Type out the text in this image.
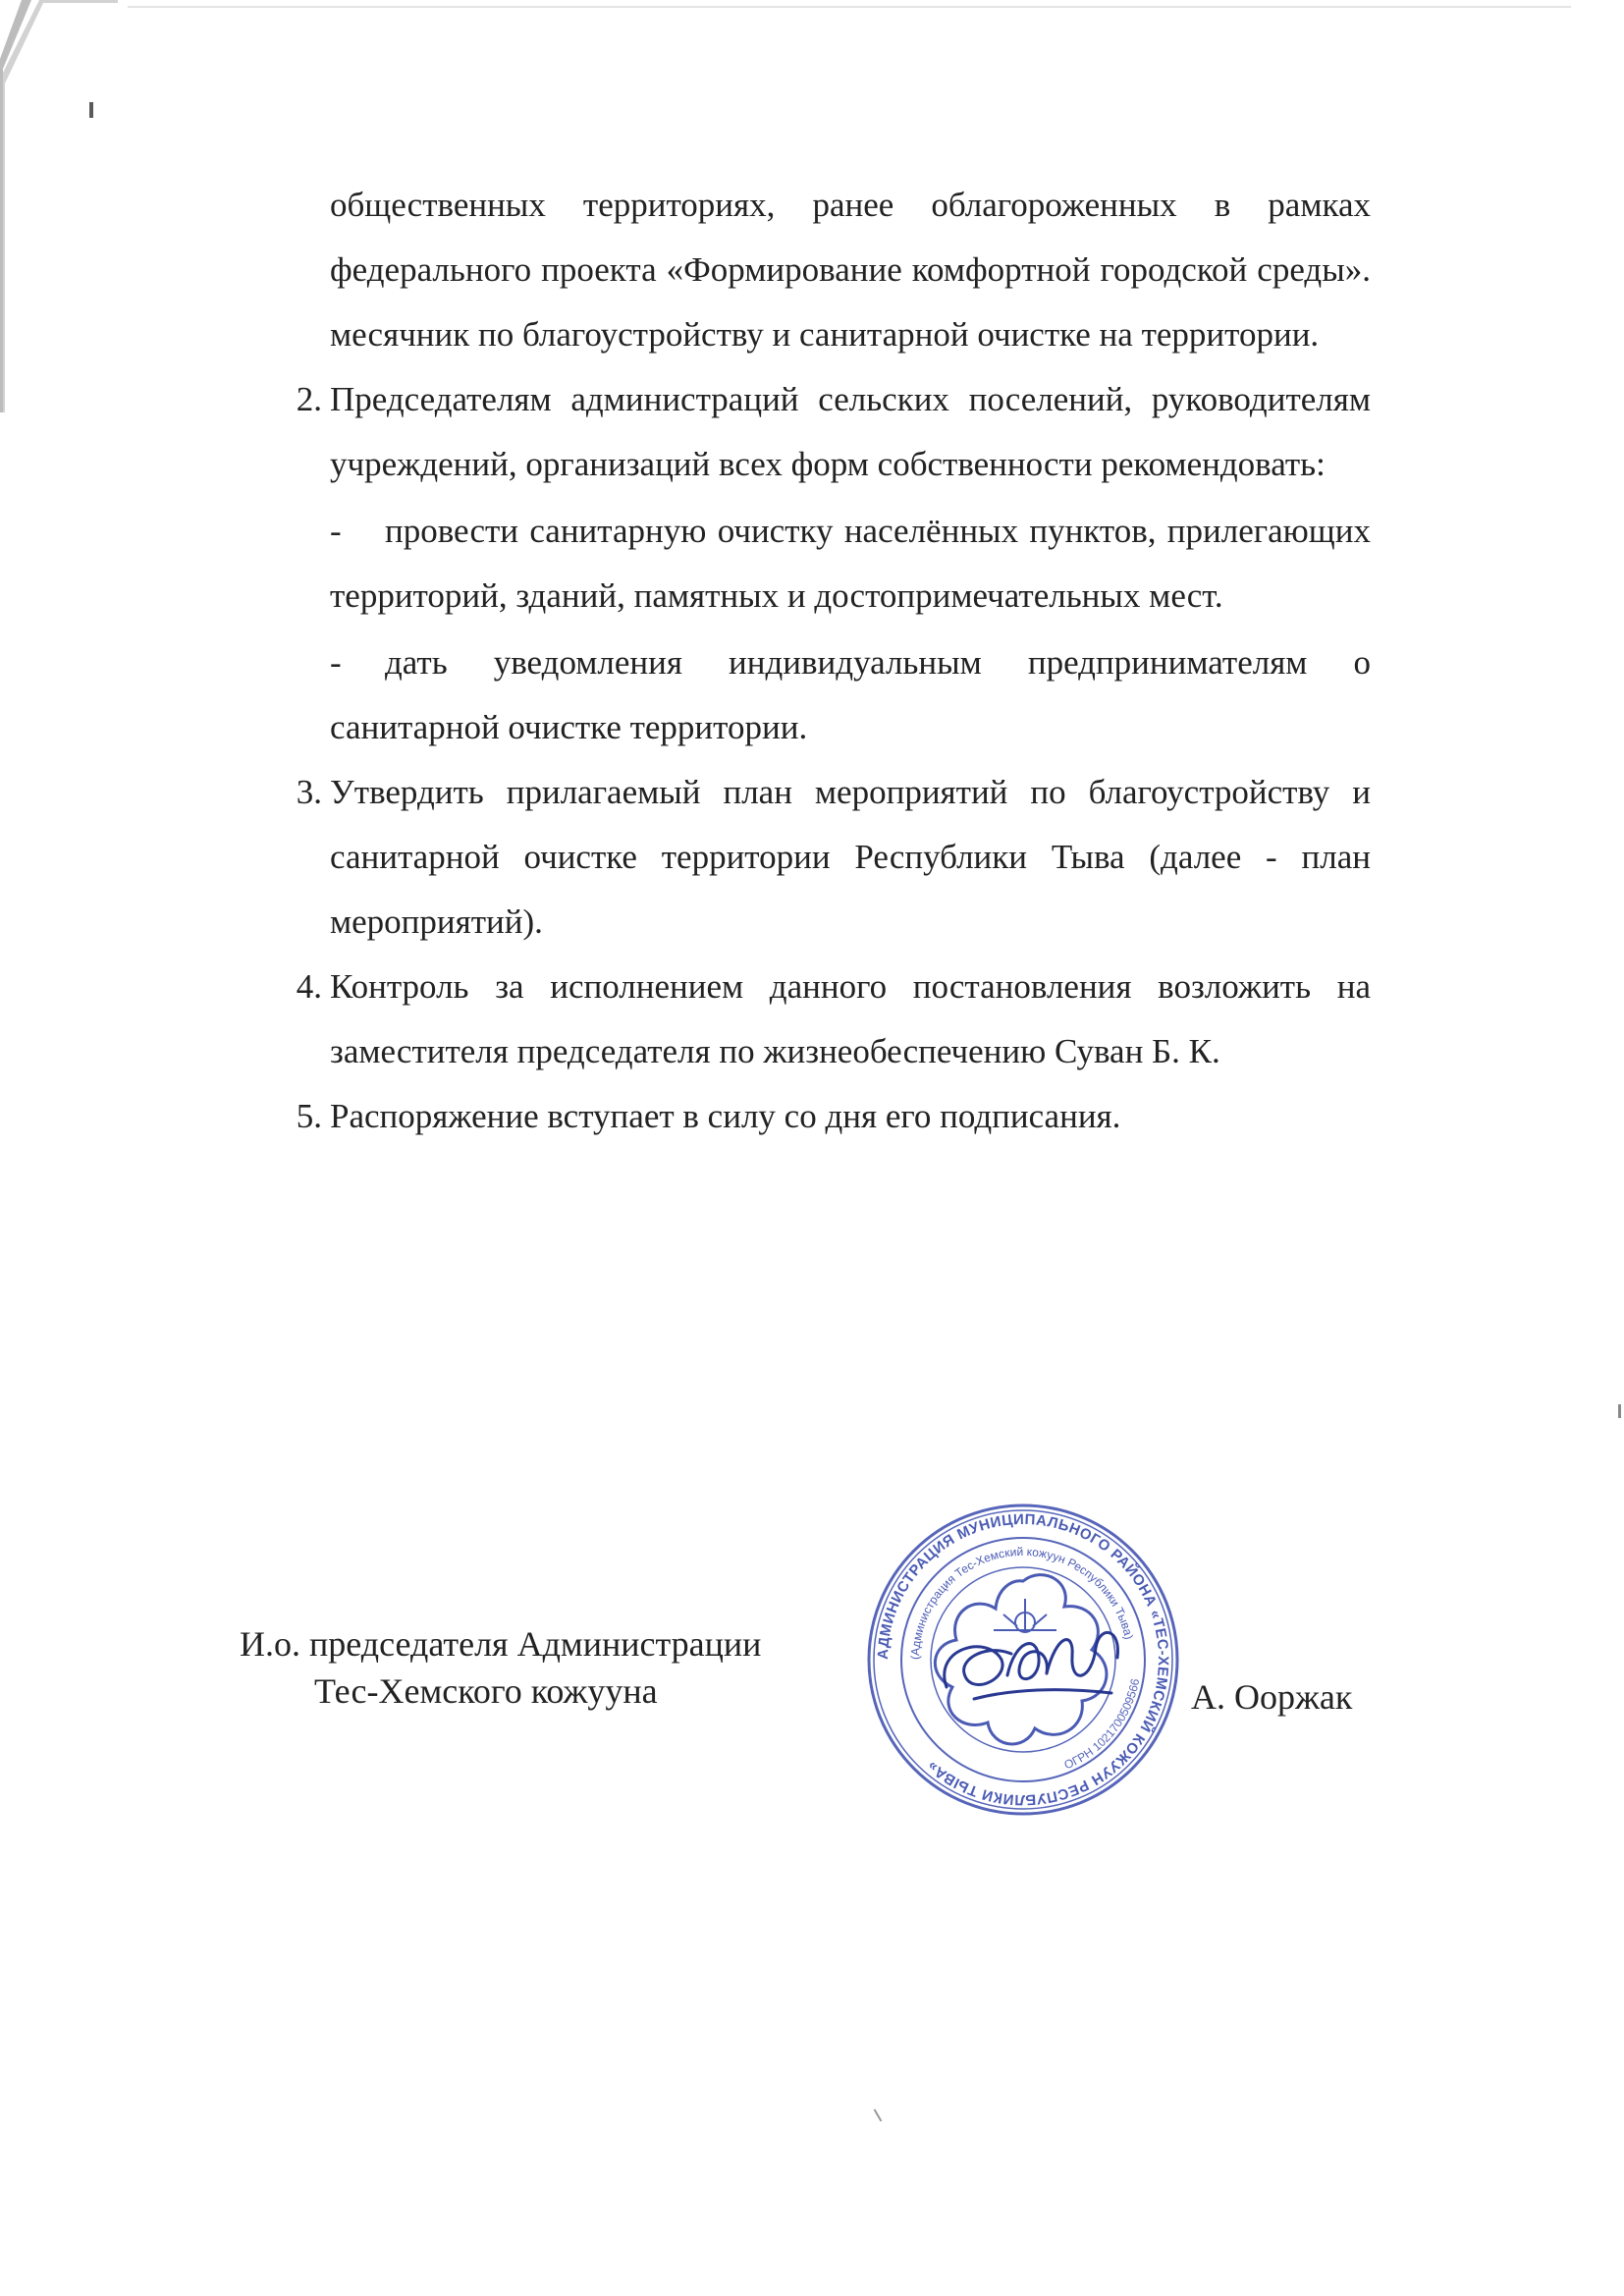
общественных территориях, ранее облагороженных в рамках федерального проекта «Формирование комфортной городской среды». месячник по благоустройству и санитарной очистке на территории.

2. Председателям администраций сельских поселений, руководителям учреждений, организаций всех форм собственности рекомендовать:

- провести санитарную очистку населённых пунктов, прилегающих территорий, зданий, памятных и достопримечательных мест.

- дать уведомления индивидуальным предпринимателям о санитарной очистке территории.

3. Утвердить прилагаемый план мероприятий по благоустройству и санитарной очистке территории Республики Тыва (далее - план мероприятий).

4. Контроль за исполнением данного постановления возложить на заместителя председателя по жизнеобеспечению Суван Б. К.

5. Распоряжение вступает в силу со дня его подписания.

И.о. председателя Администрации
Тес-Хемского кожууна
АДМИНИСТРАЦИЯ МУНИЦИПАЛЬНОГО РАЙОНА «ТЕС-ХЕМСКИЙ КОЖУУН РЕСПУБЛИКИ ТЫВА»
(Администрация Тес-Хемский кожуун Республики Тыва)
ОГРН 1021700509566 А. Ооржак
